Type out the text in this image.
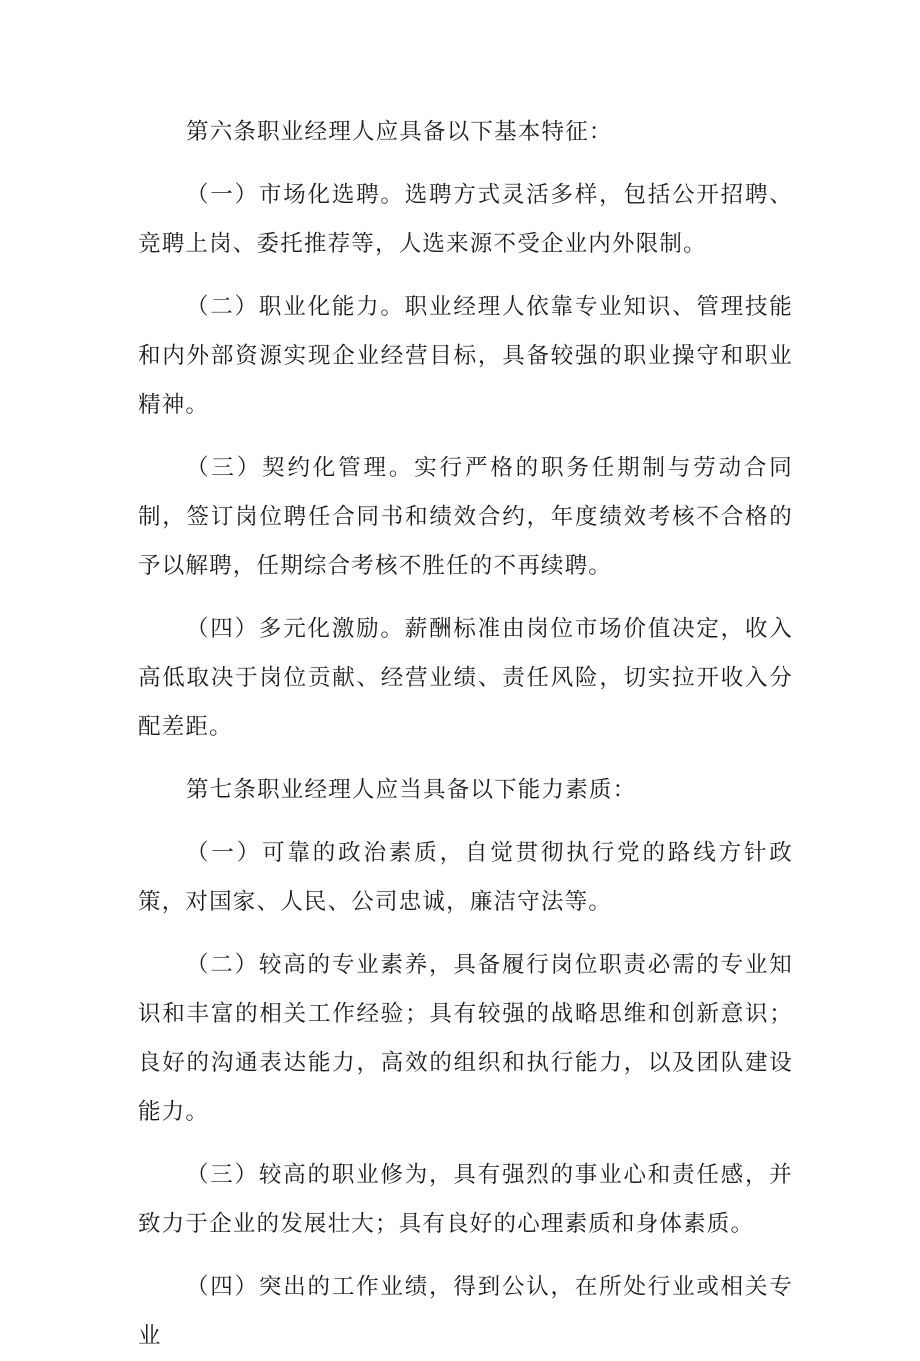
第六条职业经理人应具备以下基本特征：

（一）市场化选聘。选聘方式灵活多样，包括公开招聘、竞聘上岗、委托推荐等，人选来源不受企业内外限制。

（二）职业化能力。职业经理人依靠专业知识、管理技能和内外部资源实现企业经营目标，具备较强的职业操守和职业精神。

（三）契约化管理。实行严格的职务任期制与劳动合同制，签订岗位聘任合同书和绩效合约，年度绩效考核不合格的予以解聘，任期综合考核不胜任的不再续聘。

（四）多元化激励。薪酬标准由岗位市场价值决定，收入高低取决于岗位贡献、经营业绩、责任风险，切实拉开收入分配差距。

第七条职业经理人应当具备以下能力素质：

（一）可靠的政治素质，自觉贯彻执行党的路线方针政策，对国家、人民、公司忠诚，廉洁守法等。

（二）较高的专业素养，具备履行岗位职责必需的专业知识和丰富的相关工作经验；具有较强的战略思维和创新意识；良好的沟通表达能力，高效的组织和执行能力，以及团队建设能力。

（三）较高的职业修为，具有强烈的事业心和责任感，并致力于企业的发展壮大；具有良好的心理素质和身体素质。

（四）突出的工作业绩，得到公认，在所处行业或相关专业
